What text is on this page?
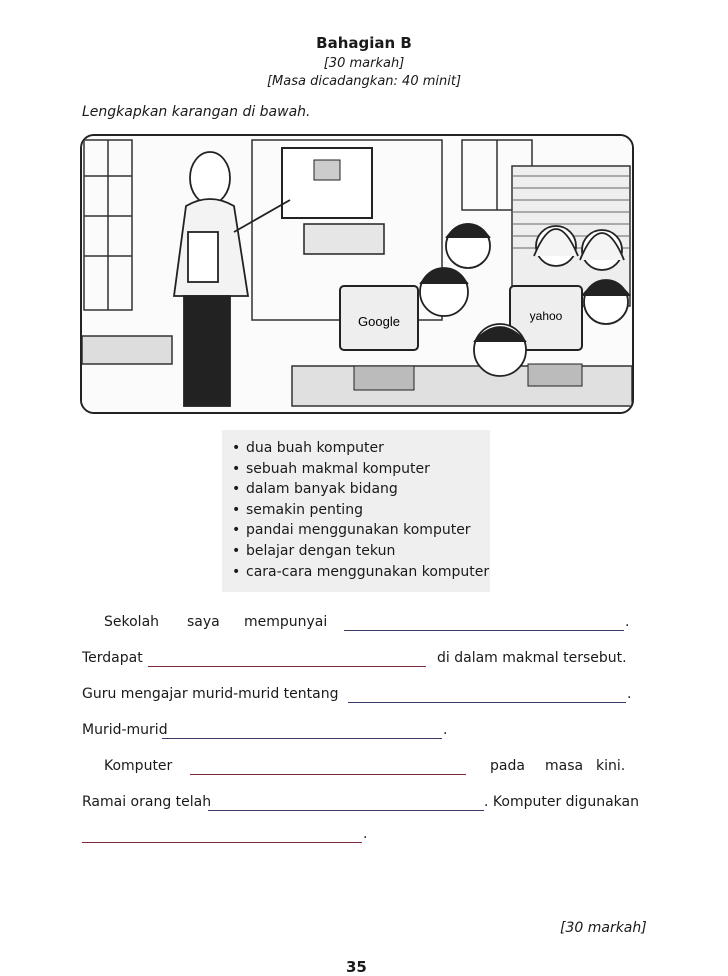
Bahagian B
[30 markah]
[Masa dicadangkan: 40 minit]
Lengkapkan karangan di bawah.
Google	yahoo
• dua buah komputer
• sebuah makmal komputer
• dalam banyak bidang
• semakin penting
• pandai menggunakan komputer
• belajar dengan tekun
• cara-cara menggunakan komputer
Sekolah saya mempunyai	.
Terdapat	di dalam makmal tersebut.
Guru mengajar murid-murid tentang	.
Murid-murid	.
Komputer	pada masa kini.
Ramai orang telah	. Komputer digunakan
.
[30 markah]
35
